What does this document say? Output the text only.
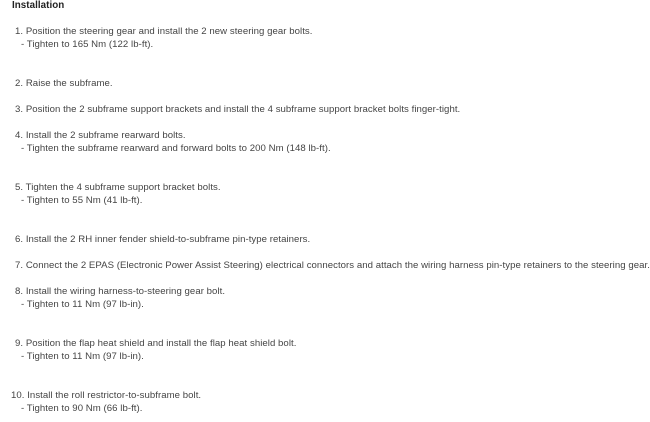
Installation
1. Position the steering gear and install the 2 new steering gear bolts.
- Tighten to 165 Nm (122 lb-ft).
2. Raise the subframe.
3. Position the 2 subframe support brackets and install the 4 subframe support bracket bolts finger-tight.
4. Install the 2 subframe rearward bolts.
- Tighten the subframe rearward and forward bolts to 200 Nm (148 lb-ft).
5. Tighten the 4 subframe support bracket bolts.
- Tighten to 55 Nm (41 lb-ft).
6. Install the 2 RH inner fender shield-to-subframe pin-type retainers.
7. Connect the 2 EPAS (Electronic Power Assist Steering) electrical connectors and attach the wiring harness pin-type retainers to the steering gear.
8. Install the wiring harness-to-steering gear bolt.
- Tighten to 11 Nm (97 lb-in).
9. Position the flap heat shield and install the flap heat shield bolt.
- Tighten to 11 Nm (97 lb-in).
10. Install the roll restrictor-to-subframe bolt.
- Tighten to 90 Nm (66 lb-ft).
